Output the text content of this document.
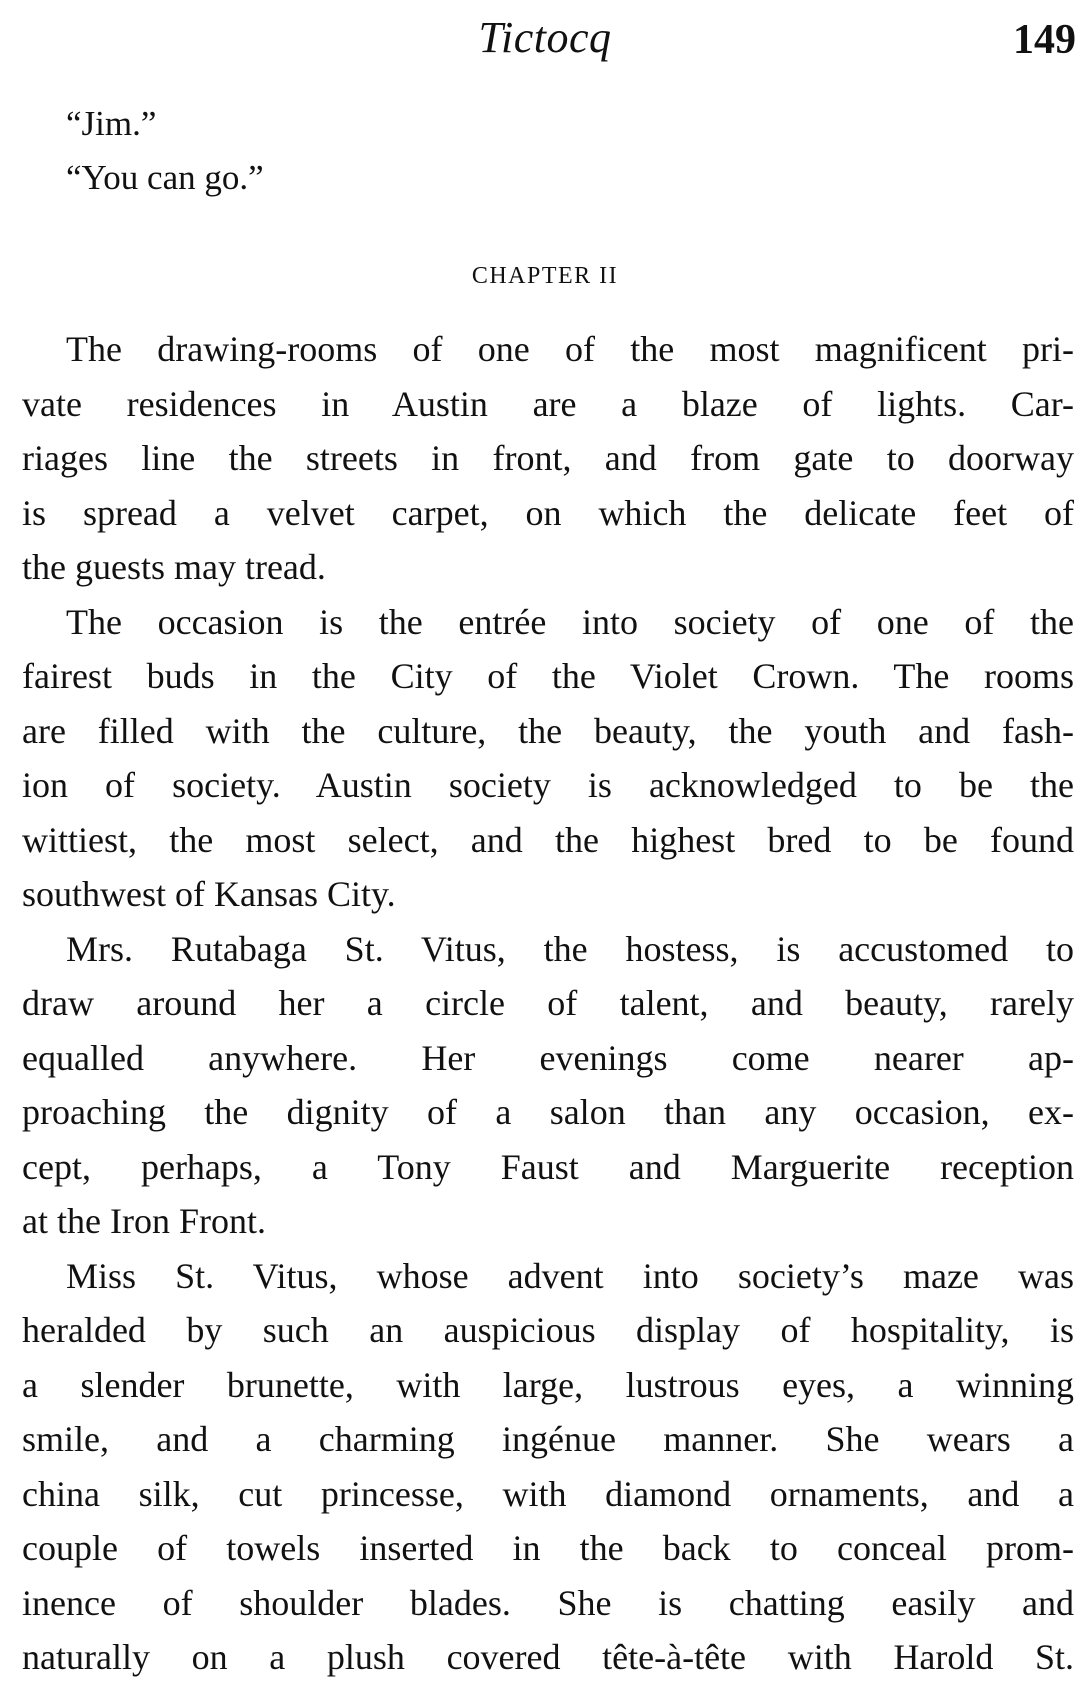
Tictocq	149
“Jim.”
“You can go.”
CHAPTER II
The drawing-rooms of one of the most magnificent pri-
vate residences in Austin are a blaze of lights. Car-
riages line the streets in front, and from gate to doorway
is spread a velvet carpet, on which the delicate feet of
the guests may tread.
The occasion is the entrée into society of one of the
fairest buds in the City of the Violet Crown. The rooms
are filled with the culture, the beauty, the youth and fash-
ion of society. Austin society is acknowledged to be the
wittiest, the most select, and the highest bred to be found
southwest of Kansas City.
Mrs. Rutabaga St. Vitus, the hostess, is accustomed to
draw around her a circle of talent, and beauty, rarely
equalled anywhere. Her evenings come nearer ap-
proaching the dignity of a salon than any occasion, ex-
cept, perhaps, a Tony Faust and Marguerite reception
at the Iron Front.
Miss St. Vitus, whose advent into society’s maze was
heralded by such an auspicious display of hospitality, is
a slender brunette, with large, lustrous eyes, a winning
smile, and a charming ingénue manner. She wears a
china silk, cut princesse, with diamond ornaments, and a
couple of towels inserted in the back to conceal prom-
inence of shoulder blades. She is chatting easily and
naturally on a plush covered tête-à-tête with Harold St.
